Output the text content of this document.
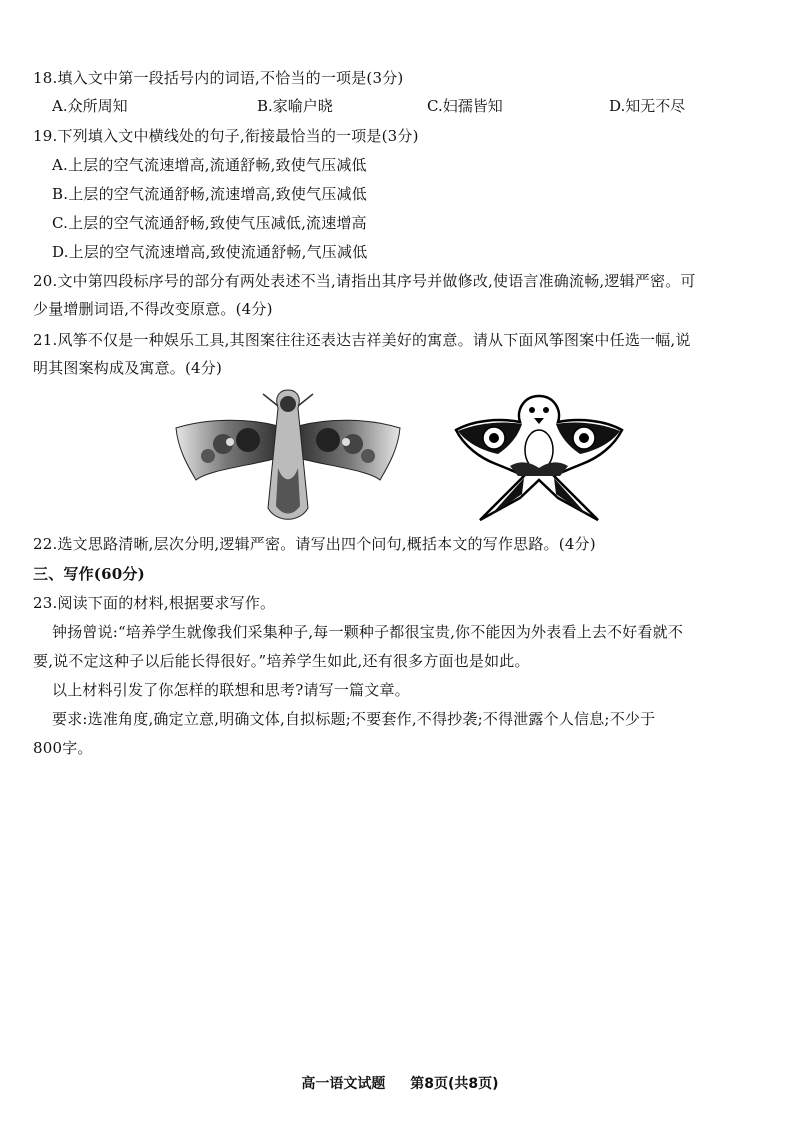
18.填入文中第一段括号内的词语,不恰当的一项是(3分)
A.众所周知	B.家喻户晓	C.妇孺皆知	D.知无不尽
19.下列填入文中横线处的句子,衔接最恰当的一项是(3分)
A.上层的空气流速增高,流通舒畅,致使气压减低
B.上层的空气流通舒畅,流速增高,致使气压减低
C.上层的空气流通舒畅,致使气压减低,流速增高
D.上层的空气流速增高,致使流通舒畅,气压减低
20.文中第四段标序号的部分有两处表述不当,请指出其序号并做修改,使语言准确流畅,逻辑严密。可
少量增删词语,不得改变原意。(4分)
21.风筝不仅是一种娱乐工具,其图案往往还表达吉祥美好的寓意。请从下面风筝图案中任选一幅,说
明其图案构成及寓意。(4分)
22.选文思路清晰,层次分明,逻辑严密。请写出四个问句,概括本文的写作思路。(4分)
三、写作(60分)
23.阅读下面的材料,根据要求写作。
钟扬曾说:“培养学生就像我们采集种子,每一颗种子都很宝贵,你不能因为外表看上去不好看就不
要,说不定这种子以后能长得很好。”培养学生如此,还有很多方面也是如此。
以上材料引发了你怎样的联想和思考?请写一篇文章。
要求:选准角度,确定立意,明确文体,自拟标题;不要套作,不得抄袭;不得泄露个人信息;不少于
800字。
高一语文试题 第8页(共8页)
